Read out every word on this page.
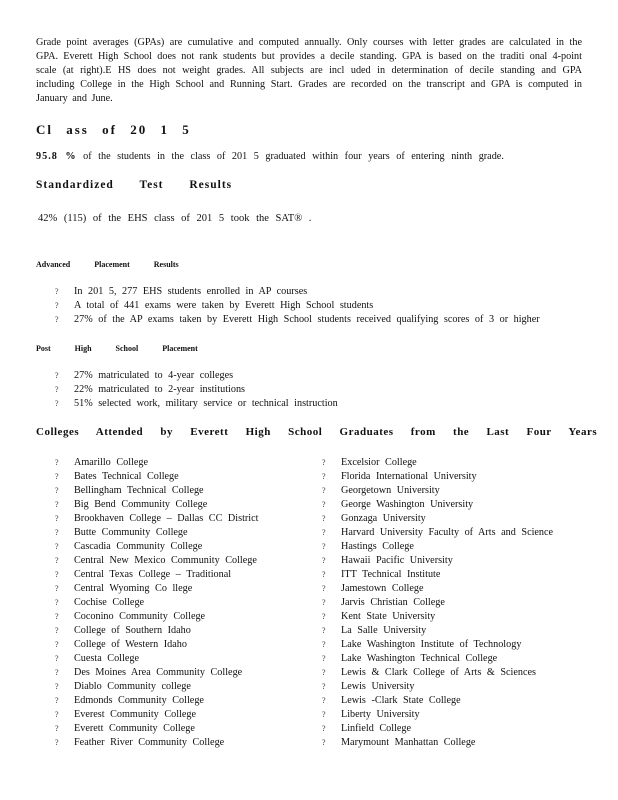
Grade point averages (GPAs) are cumulative and computed annually. Only courses with letter grades are calculated in the GPA. Everett High School does not rank students but provides a decile standing. GPA is based on the traditi onal 4-point scale (at right).E HS does not weight grades. All subjects are incl uded in determination of decile standing and GPA including College in the High School and Running Start. Grades are recorded on the transcript and GPA is computed in January and June.

Cl ass of 20 1 5
95.8 % of the students in the class of 201 5 graduated within four years of entering ninth grade.
Standardized Test Results
42% (115) of the EHS class of 201 5 took the SAT® .
Advanced Placement Results
? In 201 5, 277 EHS students enrolled in AP courses
? A total of 441 exams were taken by Everett High School students
? 27% of the AP exams taken by Everett High School students received qualifying scores of 3 or higher
Post High School Placement
? 27% matriculated to 4-year colleges
? 22% matriculated to 2-year institutions
? 51% selected work, military service or technical instruction
Colleges Attended by Everett High School Graduates from the Last Four Years
? Amarillo College
? Bates Technical College
? Bellingham Technical College
? Big Bend Community College
? Brookhaven College – Dallas CC District
? Butte Community College
? Cascadia Community College
? Central New Mexico Community College
? Central Texas College – Traditional
? Central Wyoming Co llege
? Cochise College
? Coconino Community College
? College of Southern Idaho
? College of Western Idaho
? Cuesta College
? Des Moines Area Community College
? Diablo Community college
? Edmonds Community College
? Everest Community College
? Everett Community College
? Feather River Community College
? Excelsior College
? Florida International University
? Georgetown University
? George Washington University
? Gonzaga University
? Harvard University Faculty of Arts and Science
? Hastings College
? Hawaii Pacific University
? ITT Technical Institute
? Jamestown College
? Jarvis Christian College
? Kent State University
? La Salle University
? Lake Washington Institute of Technology
? Lake Washington Technical College
? Lewis & Clark College of Arts & Sciences
? Lewis University
? Lewis -Clark State College
? Liberty University
? Linfield College
? Marymount Manhattan College
